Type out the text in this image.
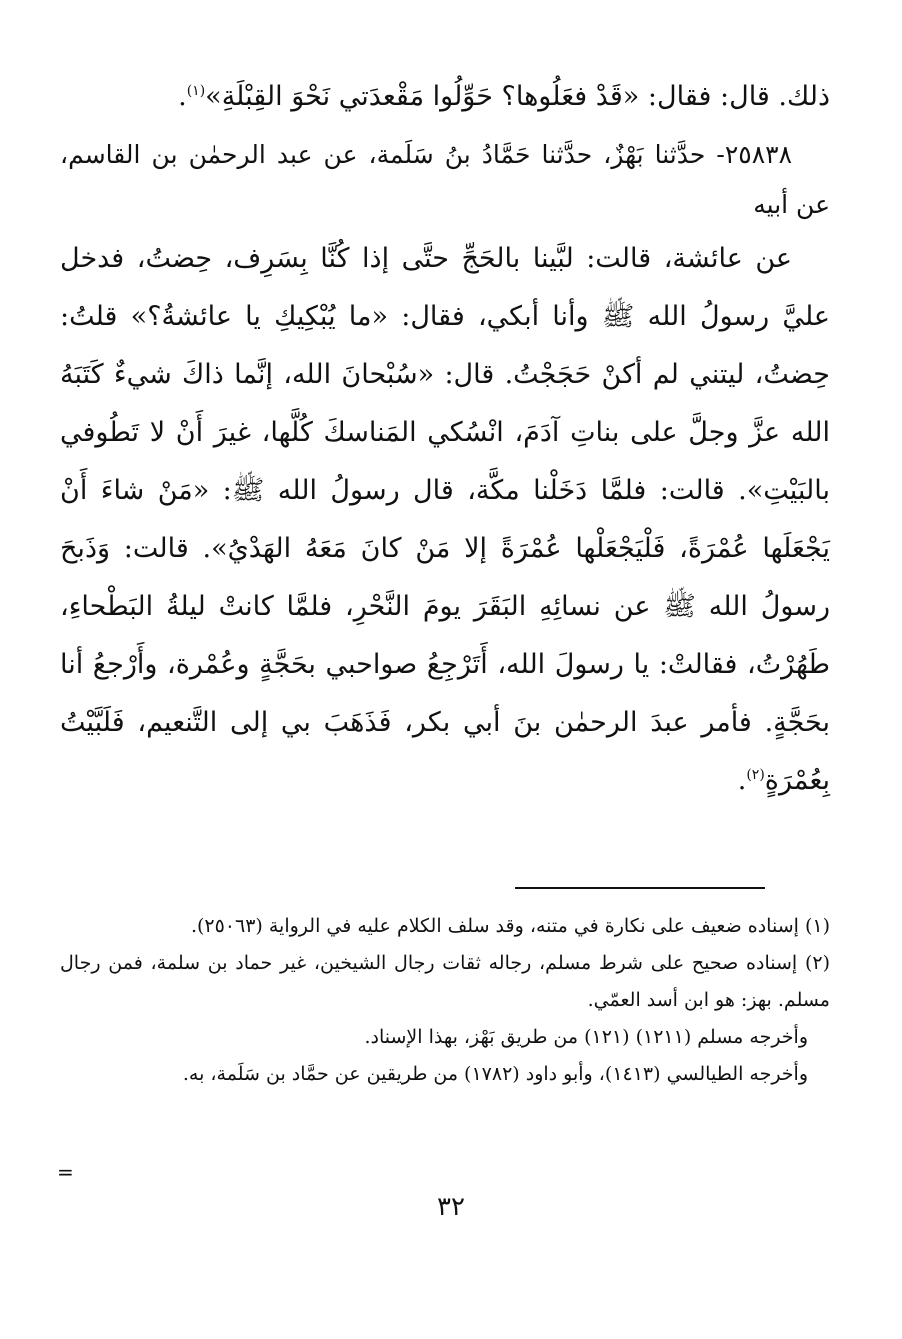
ذلك. قال: فقال: «قَدْ فعَلُوها؟ حَوِّلُوا مَقْعدَتي نَحْوَ القِبْلَةِ»$^{(١)}$.

٢٥٨٣٨- حدَّثنا بَهْزٌ، حدَّثنا حَمَّادُ بنُ سَلَمة، عن عبد الرحمٰن بن القاسم، عن أبيه

عن عائشة، قالت: لبَّينا بالحَجِّ حتَّى إذا كُنَّا بِسَرِف، حِضتُ، فدخل عليَّ رسولُ الله ﷺ وأنا أبكي، فقال: «ما يُبْكِيكِ يا عائشةُ؟» قلتُ: حِضتُ، ليتني لم أكنْ حَجَجْتُ. قال: «سُبْحانَ الله، إنَّما ذاكَ شيءٌ كَتَبَهُ الله عزَّ وجلَّ على بناتِ آدَمَ، انْسُكي المَناسكَ كُلَّها، غيرَ أَنْ لا تَطُوفي بالبَيْتِ». قالت: فلمَّا دَخَلْنا مكَّة، قال رسولُ الله ﷺ: «مَنْ شاءَ أَنْ يَجْعَلَها عُمْرَةً، فَلْيَجْعَلْها عُمْرَةً إلا مَنْ كانَ مَعَهُ الهَدْيُ». قالت: وَذَبحَ رسولُ الله ﷺ عن نسائِهِ البَقَرَ يومَ النَّحْرِ، فلمَّا كانتْ ليلةُ البَطْحاءِ، طَهُرْتُ، فقالتْ: يا رسولَ الله، أَتَرْجِعُ صواحبي بحَجَّةٍ وعُمْرة، وأَرْجعُ أنا بحَجَّةٍ. فأمر عبدَ الرحمٰن بنَ أبي بكر، فَذَهَبَ بي إلى التَّنعيم، فَلَبَّيْتُ بِعُمْرَةٍ$^{(٢)}$.

(١) إسناده ضعيف على نكارة في متنه، وقد سلف الكلام عليه في الرواية (٢٥٠٦٣).

(٢) إسناده صحيح على شرط مسلم، رجاله ثقات رجال الشيخين، غير حماد بن سلمة، فمن رجال مسلم. بهز: هو ابن أسد العمّي.

وأخرجه مسلم (١٢١١) (١٢١) من طريق بَهْز، بهذا الإسناد.

وأخرجه الطيالسي (١٤١٣)، وأبو داود (١٧٨٢) من طريقين عن حمَّاد بن سَلَمة، به.

=
٣٢
